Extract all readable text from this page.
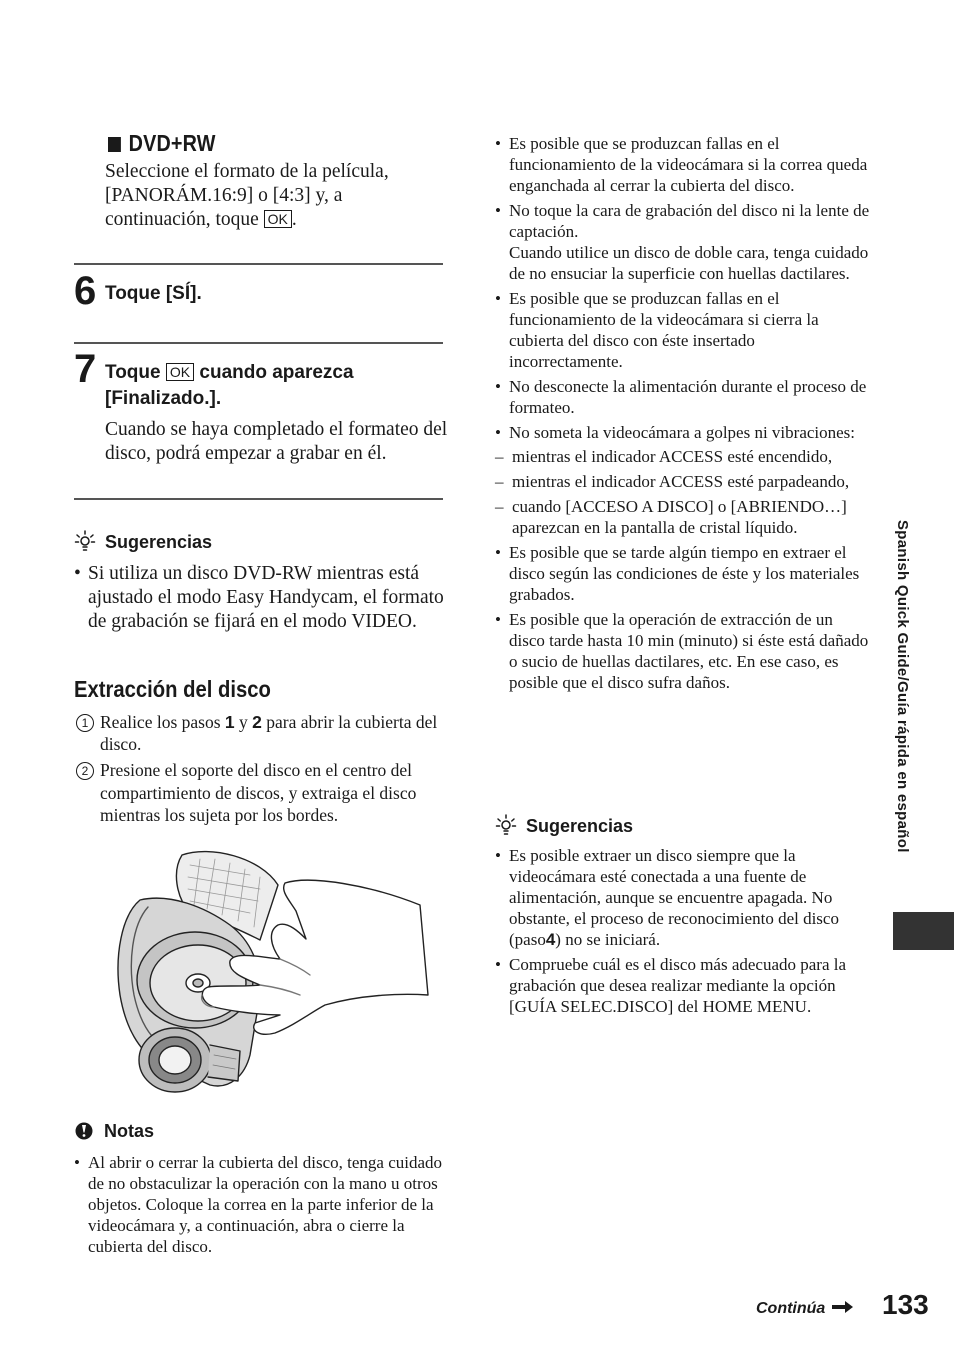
DVD+RW
Seleccione el formato de la película, [PANORÁM.16:9] o [4:3] y, a continuación, toque OK .
6 Toque [SÍ].
7 Toque OK cuando aparezca [Finalizado.].
Cuando se haya completado el formateo del disco, podrá empezar a grabar en él.
Sugerencias
• Si utiliza un disco DVD-RW mientras está ajustado el modo Easy Handycam, el formato de grabación se fijará en el modo VIDEO.
Extracción del disco
1 Realice los pasos 1 y 2 para abrir la cubierta del disco.
2 Presione el soporte del disco en el centro del compartimiento de discos, y extraiga el disco mientras los sujeta por los bordes.
Notas
• Al abrir o cerrar la cubierta del disco, tenga cuidado de no obstaculizar la operación con la mano u otros objetos. Coloque la correa en la parte inferior de la videocámara y, a continuación, abra o cierre la cubierta del disco.
• Es posible que se produzcan fallas en el funcionamiento de la videocámara si la correa queda enganchada al cerrar la cubierta del disco.
• No toque la cara de grabación del disco ni la lente de captación.
Cuando utilice un disco de doble cara, tenga cuidado de no ensuciar la superficie con huellas dactilares.
• Es posible que se produzcan fallas en el funcionamiento de la videocámara si cierra la cubierta del disco con éste insertado incorrectamente.
• No desconecte la alimentación durante el proceso de formateo.
• No someta la videocámara a golpes ni vibraciones:
– mientras el indicador ACCESS esté encendido,
– mientras el indicador ACCESS esté parpadeando,
– cuando [ACCESO A DISCO] o [ABRIENDO…] aparezcan en la pantalla de cristal líquido.
• Es posible que se tarde algún tiempo en extraer el disco según las condiciones de éste y los materiales grabados.
• Es posible que la operación de extracción de un disco tarde hasta 10 min (minuto) si éste está dañado o sucio de huellas dactilares, etc. En ese caso, es posible que el disco sufra daños.
Sugerencias
• Es posible extraer un disco siempre que la videocámara esté conectada a una fuente de alimentación, aunque se encuentre apagada. No obstante, el proceso de reconocimiento del disco (paso4) no se iniciará.
• Compruebe cuál es el disco más adecuado para la grabación que desea realizar mediante la opción [GUÍA SELEC.DISCO] del HOME MENU.
Spanish Quick Guide/Guía rápida en español
Continúa	133
